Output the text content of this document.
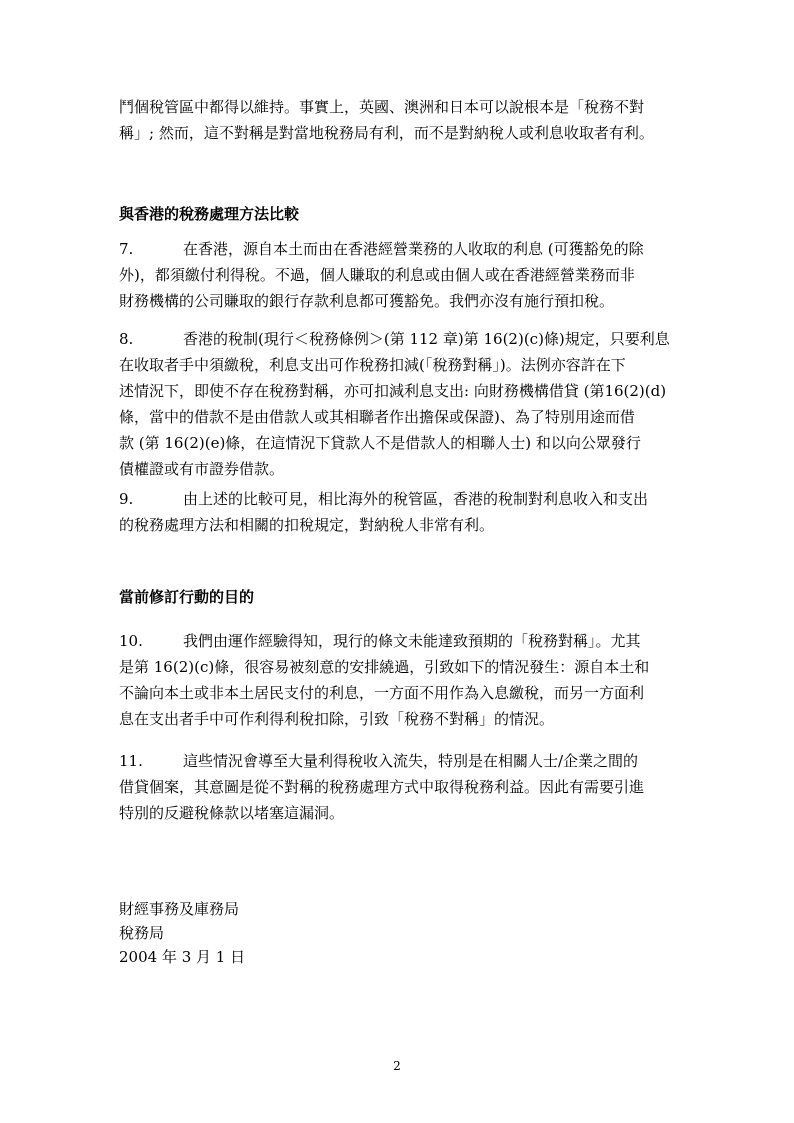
鬥個稅管區中都得以維持。事實上，英國、澳洲和日本可以說根本是「稅務不對
稱」; 然而，這不對稱是對當地稅務局有利，而不是對納稅人或利息收取者有利。
與香港的稅務處理方法比較
7.	在香港，源自本土而由在香港經營業務的人收取的利息 (可獲豁免的除
外)，都須繳付利得稅。不過，個人賺取的利息或由個人或在香港經營業務而非
財務機構的公司賺取的銀行存款利息都可獲豁免。我們亦沒有施行預扣稅。
8.	香港的稅制(現行＜稅務條例＞(第 112 章)第 16(2)(c)條)規定，只要利息
在收取者手中須繳稅，利息支出可作稅務扣減(「稅務對稱」)。法例亦容許在下
述情況下，即使不存在稅務對稱，亦可扣減利息支出: 向財務機構借貸 (第16(2)(d)
條，當中的借款不是由借款人或其相聯者作出擔保或保證)、為了特別用途而借
款 (第 16(2)(e)條，在這情況下貸款人不是借款人的相聯人士) 和以向公眾發行
債權證或有市證券借款。
9.	由上述的比較可見，相比海外的稅管區，香港的稅制對利息收入和支出
的稅務處理方法和相關的扣稅規定，對納稅人非常有利。
當前修訂行動的目的
10.	我們由運作經驗得知，現行的條文未能達致預期的「稅務對稱」。尤其
是第 16(2)(c)條，很容易被刻意的安排繞過，引致如下的情況發生：源自本土和
不論向本土或非本土居民支付的利息，一方面不用作為入息繳稅，而另一方面利
息在支出者手中可作利得利稅扣除，引致「稅務不對稱」的情況。
11.	這些情況會導至大量利得稅收入流失，特別是在相關人士/企業之間的
借貸個案，其意圖是從不對稱的稅務處理方式中取得稅務利益。因此有需要引進
特別的反避稅條款以堵塞這漏洞。
財經事務及庫務局
稅務局
2004 年 3 月 1 日
2
